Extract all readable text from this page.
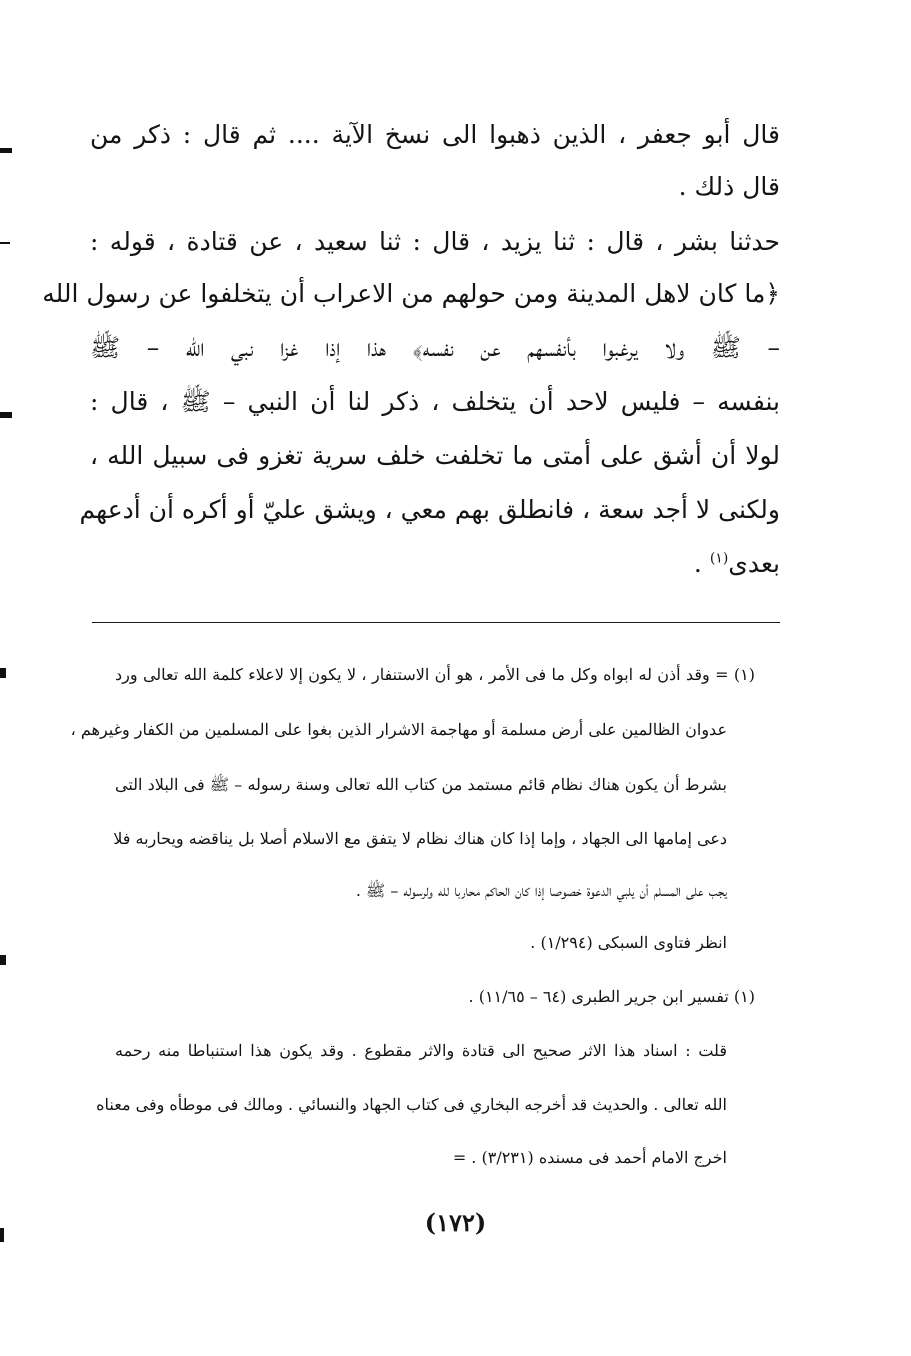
قال أبو جعفر ، الذين ذهبوا الى نسخ الآية .... ثم قال : ذكر من
قال ذلك .
حدثنا بشر ، قال : ثنا يزيد ، قال : ثنا سعيد ، عن قتادة ، قوله :
﴿ما كان لاهل المدينة ومن حولهم من الاعراب أن يتخلفوا عن رسول الله
– ﷺ ولا يرغبوا بأنفسهم عن نفسه﴾ هذا إذا غزا نبي الله – ﷺ
بنفسه – فليس لاحد أن يتخلف ، ذكر لنا أن النبي – ﷺ ، قال :
لولا أن أشق على أمتى ما تخلفت خلف سرية تغزو فى سبيل الله ،
ولكنى لا أجد سعة ، فانطلق بهم معي ، ويشق عليّ أو أكره أن أدعهم
بعدى$^{(١)}$ .
(١) = وقد أذن له ابواه وكل ما فى الأمر ، هو أن الاستنفار ، لا يكون إلا لاعلاء كلمة الله تعالى ورد
عدوان الظالمين على أرض مسلمة أو مهاجمة الاشرار الذين بغوا على المسلمين من الكفار وغيرهم ،
بشرط أن يكون هناك نظام قائم مستمد من كتاب الله تعالى وسنة رسوله – ﷺ فى البلاد التى
دعى إمامها الى الجهاد ، وإما إذا كان هناك نظام لا يتفق مع الاسلام أصلا بل يناقضه ويحاربه فلا
يجب على المسلم أن يلبي الدعوة خصوصا إذا كان الحاكم محاربا لله ولرسوله – ﷺ .
انظر فتاوى السبكى (١/٢٩٤) .
(١) تفسير ابن جرير الطبرى (٦٤ – ١١/٦٥) .
قلت : اسناد هذا الاثر صحيح الى قتادة والاثر مقطوع . وقد يكون هذا استنباطا منه رحمه
الله تعالى . والحديث قد أخرجه البخاري فى كتاب الجهاد والنسائي . ومالك فى موطأه وفى معناه
اخرج الامام أحمد فى مسنده (٣/٢٣١) . =
(١٧٢)
